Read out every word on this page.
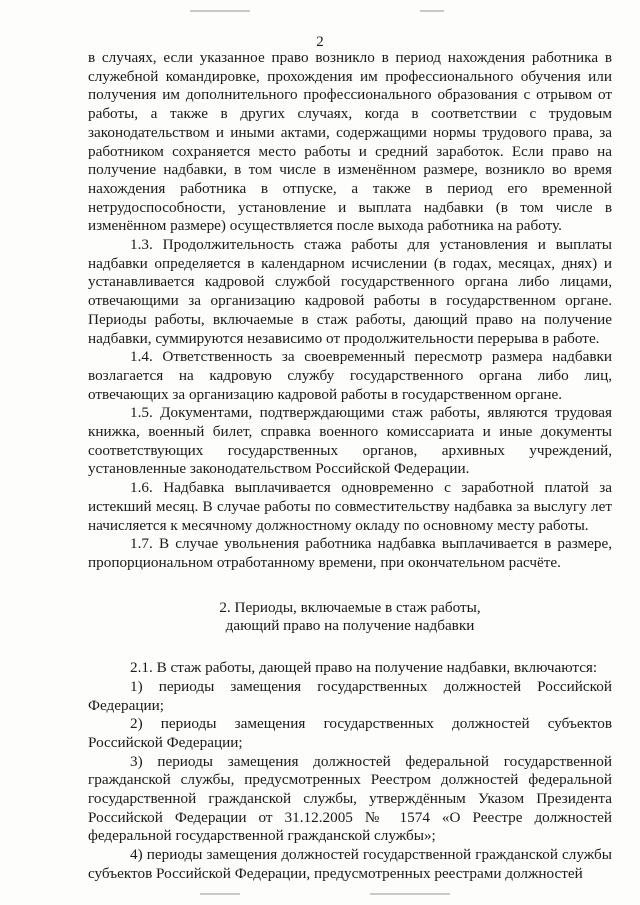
2

в случаях, если указанное право возникло в период нахождения работника в служебной командировке, прохождения им профессионального обучения или получения им дополнительного профессионального образования с отрывом от работы, а также в других случаях, когда в соответствии с трудовым законодательством и иными актами, содержащими нормы трудового права, за работником сохраняется место работы и средний заработок. Если право на получение надбавки, в том числе в изменённом размере, возникло во время нахождения работника в отпуске, а также в период его временной нетрудоспособности, установление и выплата надбавки (в том числе в изменённом размере) осуществляется после выхода работника на работу.

1.3. Продолжительность стажа работы для установления и выплаты надбавки определяется в календарном исчислении (в годах, месяцах, днях) и устанавливается кадровой службой государственного органа либо лицами, отвечающими за организацию кадровой работы в государственном органе. Периоды работы, включаемые в стаж работы, дающий право на получение надбавки, суммируются независимо от продолжительности перерыва в работе.

1.4. Ответственность за своевременный пересмотр размера надбавки возлагается на кадровую службу государственного органа либо лиц, отвечающих за организацию кадровой работы в государственном органе.

1.5. Документами, подтверждающими стаж работы, являются трудовая книжка, военный билет, справка военного комиссариата и иные документы соответствующих государственных органов, архивных учреждений, установленные законодательством Российской Федерации.

1.6. Надбавка выплачивается одновременно с заработной платой за истекший месяц. В случае работы по совместительству надбавка за выслугу лет начисляется к месячному должностному окладу по основному месту работы.

1.7. В случае увольнения работника надбавка выплачивается в размере, пропорциональном отработанному времени, при окончательном расчёте.

2. Периоды, включаемые в стаж работы,
дающий право на получение надбавки

2.1. В стаж работы, дающей право на получение надбавки, включаются:

1) периоды замещения государственных должностей Российской Федерации;

2) периоды замещения государственных должностей субъектов Российской Федерации;

3) периоды замещения должностей федеральной государственной гражданской службы, предусмотренных Реестром должностей федеральной государственной гражданской службы, утверждённым Указом Президента Российской Федерации от 31.12.2005 № 1574 «О Реестре должностей федеральной государственной гражданской службы»;

4) периоды замещения должностей государственной гражданской службы субъектов Российской Федерации, предусмотренных реестрами должностей
